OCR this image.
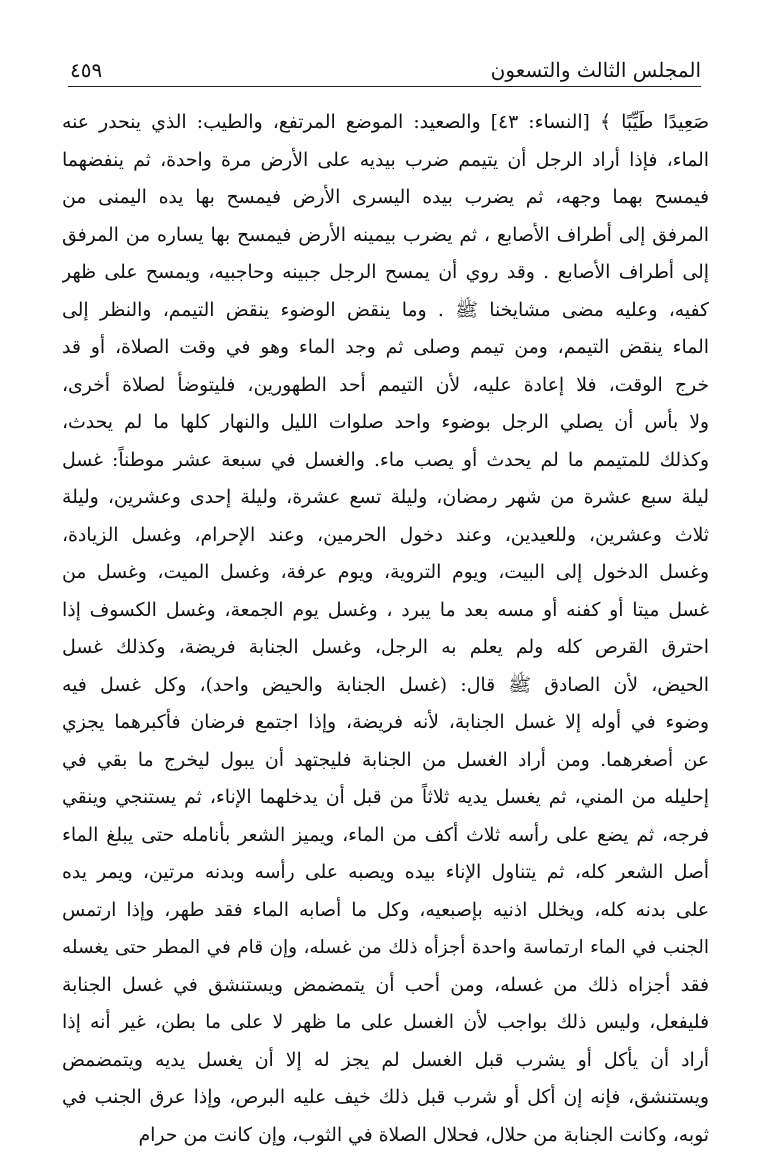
المجلس الثالث والتسعون
٤٥٩
صَعِيدًا طَيِّبًا ﴾ [النساء: ٤٣] والصعيد: الموضع المرتفع، والطيب: الذي ينحدر عنه
الماء، فإذا أراد الرجل أن يتيمم ضرب بيديه على الأرض مرة واحدة، ثم ينفضهما
فيمسح بهما وجهه، ثم يضرب بيده اليسرى الأرض فيمسح بها يده اليمنى من
المرفق إلى أطراف الأصابع ، ثم يضرب بيمينه الأرض فيمسح بها يساره من المرفق
إلى أطراف الأصابع . وقد روي أن يمسح الرجل جبينه وحاجبيه، ويمسح على ظهر
كفيه، وعليه مضى مشايخنا ﷺ . وما ينقض الوضوء ينقض التيمم، والنظر إلى
الماء ينقض التيمم، ومن تيمم وصلى ثم وجد الماء وهو في وقت الصلاة، أو قد
خرج الوقت، فلا إعادة عليه، لأن التيمم أحد الطهورين، فليتوضأ لصلاة أخرى،
ولا بأس أن يصلي الرجل بوضوء واحد صلوات الليل والنهار كلها ما لم يحدث،
وكذلك للمتيمم ما لم يحدث أو يصب ماء. والغسل في سبعة عشر موطناً: غسل
ليلة سبع عشرة من شهر رمضان، وليلة تسع عشرة، وليلة إحدى وعشرين، وليلة
ثلاث وعشرين، وللعيدين، وعند دخول الحرمين، وعند الإحرام، وغسل الزيادة،
وغسل الدخول إلى البيت، ويوم التروية، ويوم عرفة، وغسل الميت، وغسل من
غسل ميتا أو كفنه أو مسه بعد ما يبرد ، وغسل يوم الجمعة، وغسل الكسوف إذا
احترق القرص كله ولم يعلم به الرجل، وغسل الجنابة فريضة، وكذلك غسل
الحيض، لأن الصادق ﷺ قال: (غسل الجنابة والحيض واحد)، وكل غسل فيه
وضوء في أوله إلا غسل الجنابة، لأنه فريضة، وإذا اجتمع فرضان فأكبرهما يجزي
عن أصغرهما. ومن أراد الغسل من الجنابة فليجتهد أن يبول ليخرج ما بقي في
إحليله من المني، ثم يغسل يديه ثلاثاً من قبل أن يدخلهما الإناء، ثم يستنجي وينقي
فرجه، ثم يضع على رأسه ثلاث أكف من الماء، ويميز الشعر بأنامله حتى يبلغ الماء
أصل الشعر كله، ثم يتناول الإناء بيده ويصبه على رأسه وبدنه مرتين، ويمر يده
على بدنه كله، ويخلل اذنيه بإصبعيه، وكل ما أصابه الماء فقد طهر، وإذا ارتمس
الجنب في الماء ارتماسة واحدة أجزأه ذلك من غسله، وإن قام في المطر حتى يغسله
فقد أجزاه ذلك من غسله، ومن أحب أن يتمضمض ويستنشق في غسل الجنابة
فليفعل، وليس ذلك بواجب لأن الغسل على ما ظهر لا على ما بطن، غير أنه إذا
أراد أن يأكل أو يشرب قبل الغسل لم يجز له إلا أن يغسل يديه ويتمضمض
ويستنشق، فإنه إن أكل أو شرب قبل ذلك خيف عليه البرص، وإذا عرق الجنب في
ثوبه، وكانت الجنابة من حلال، فحلال الصلاة في الثوب، وإن كانت من حرام
